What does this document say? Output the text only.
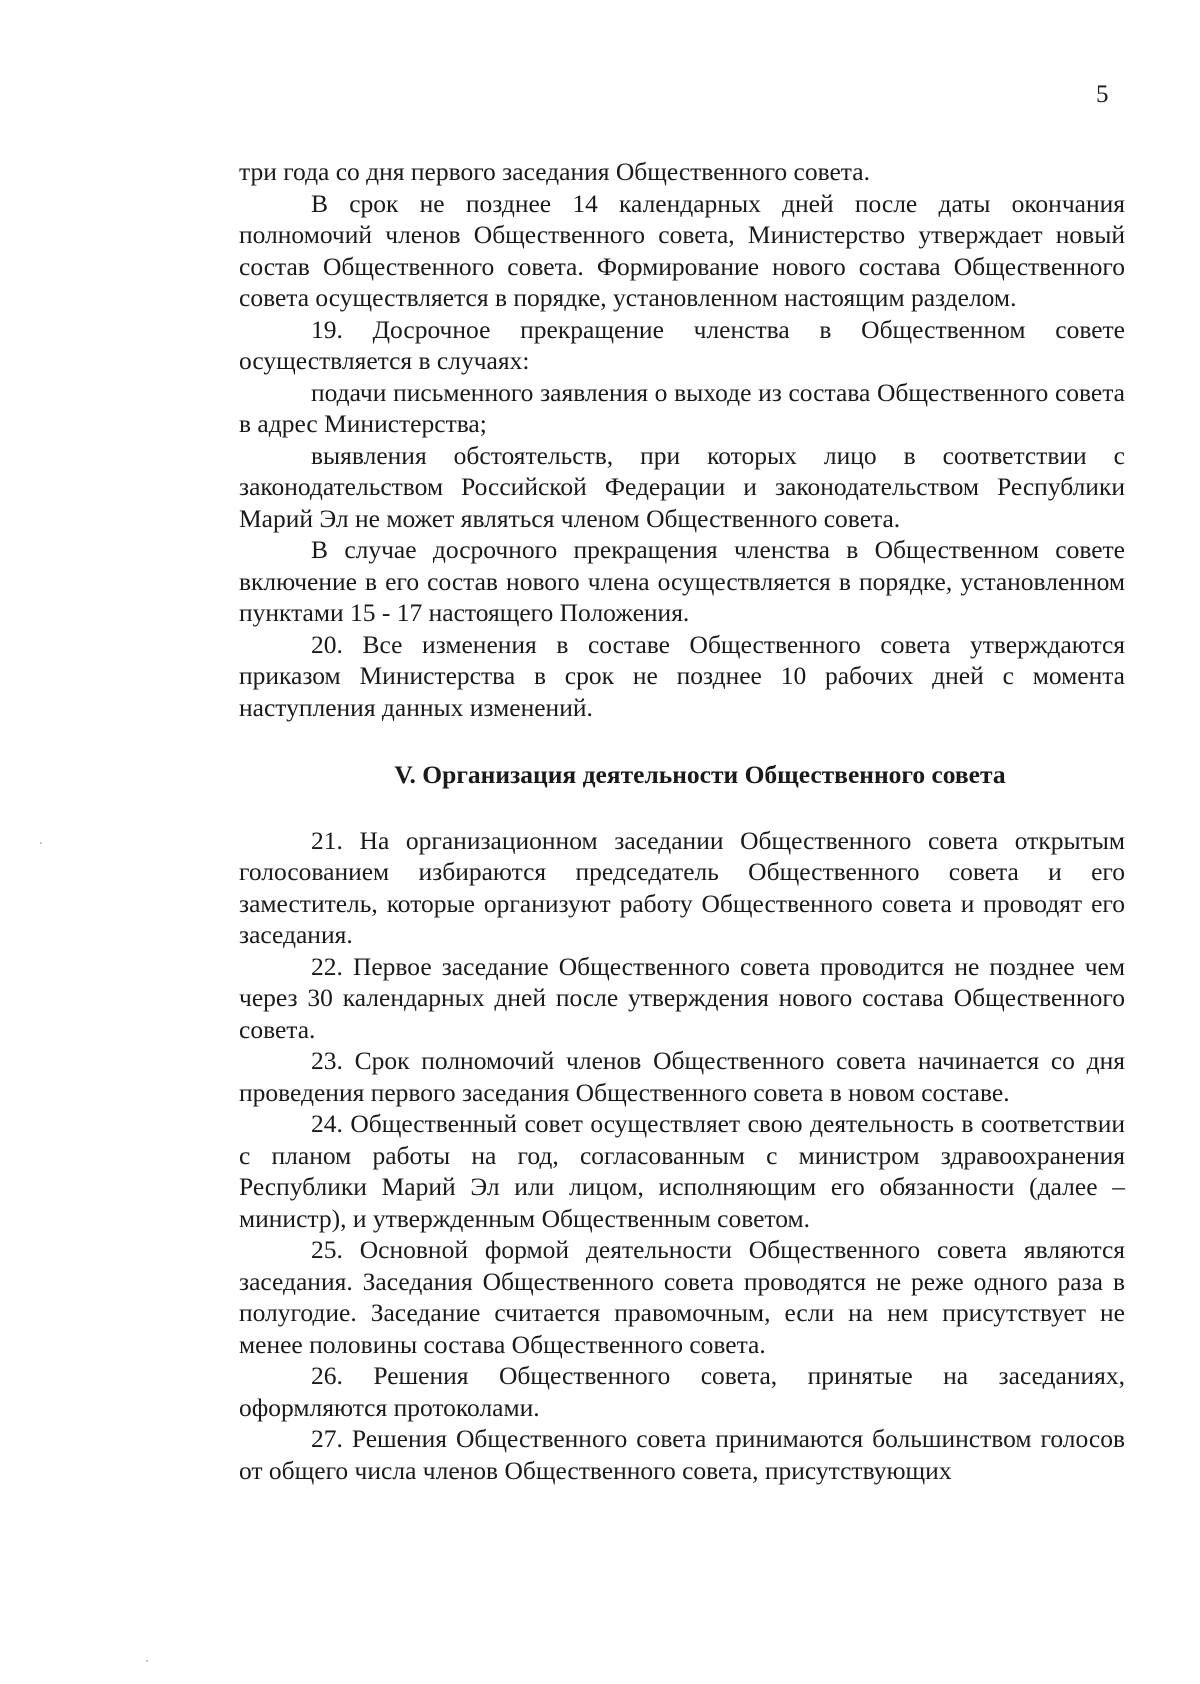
5

три года со дня первого заседания Общественного совета.

В срок не позднее 14 календарных дней после даты окончания полномочий членов Общественного совета, Министерство утверждает новый состав Общественного совета. Формирование нового состава Общественного совета осуществляется в порядке, установленном настоящим разделом.

19. Досрочное прекращение членства в Общественном совете осуществляется в случаях:

подачи письменного заявления о выходе из состава Общественного совета в адрес Министерства;

выявления обстоятельств, при которых лицо в соответствии с законодательством Российской Федерации и законодательством Республики Марий Эл не может являться членом Общественного совета.

В случае досрочного прекращения членства в Общественном совете включение в его состав нового члена осуществляется в порядке, установленном пунктами 15 - 17 настоящего Положения.

20. Все изменения в составе Общественного совета утверждаются приказом Министерства в срок не позднее 10 рабочих дней с момента наступления данных изменений.

V. Организация деятельности Общественного совета

21. На организационном заседании Общественного совета открытым голосованием избираются председатель Общественного совета и его заместитель, которые организуют работу Общественного совета и проводят его заседания.

22. Первое заседание Общественного совета проводится не позднее чем через 30 календарных дней после утверждения нового состава Общественного совета.

23. Срок полномочий членов Общественного совета начинается со дня проведения первого заседания Общественного совета в новом составе.

24. Общественный совет осуществляет свою деятельность в соответствии с планом работы на год, согласованным с министром здравоохранения Республики Марий Эл или лицом, исполняющим его обязанности (далее – министр), и утвержденным Общественным советом.

25. Основной формой деятельности Общественного совета являются заседания. Заседания Общественного совета проводятся не реже одного раза в полугодие. Заседание считается правомочным, если на нем присутствует не менее половины состава Общественного совета.

26. Решения Общественного совета, принятые на заседаниях, оформляются протоколами.

27. Решения Общественного совета принимаются большинством голосов от общего числа членов Общественного совета, присутствующих
